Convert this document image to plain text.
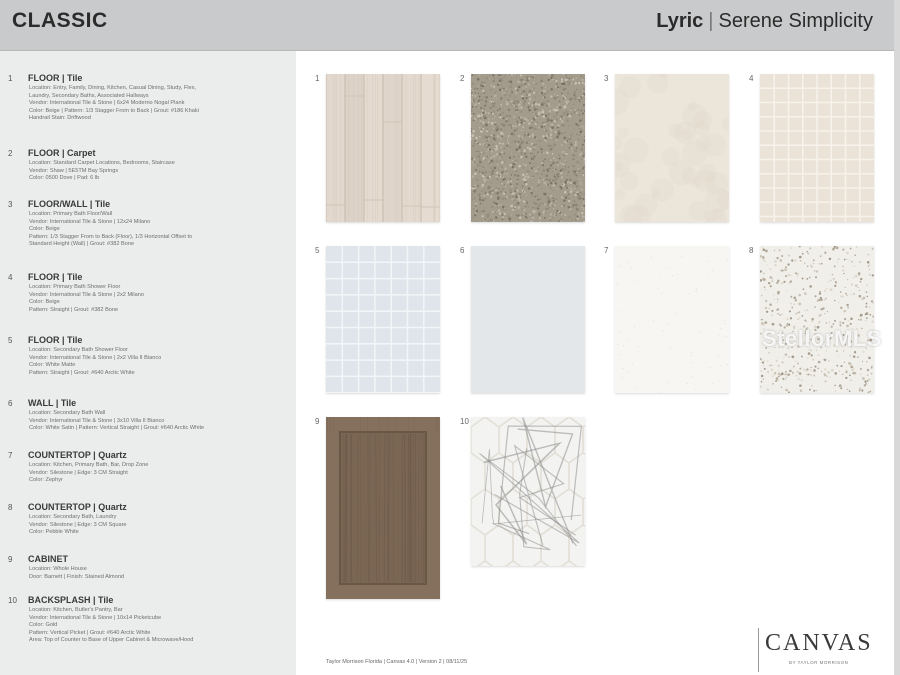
CLASSIC	Lyric | Serene Simplicity
1	FLOOR | Tile
Location: Entry, Family, Dining, Kitchen, Casual Dining, Study, Flex,
Laundry, Secondary Baths, Associated Hallways
Vendor: International Tile & Stone | 6x24 Moderno Nogal Plank
Color: Beige | Pattern: 1/3 Stagger From to Back | Grout: #186 Khaki
Handrail Stain: Driftwood
2	FLOOR | Carpet
Location: Standard Carpet Locations, Bedrooms, Staircase
Vendor: Shaw | 5E5TM Bay Springs
Color: 0500 Dove | Pad: 6 lb
3	FLOOR/WALL | Tile
Location: Primary Bath Floor/Wall
Vendor: International Tile & Stone | 12x24 Milano
Color: Beige
Pattern: 1/3 Stagger From to Back (Floor), 1/3 Horizontal Offset to
Standard Height (Wall) | Grout: #382 Bone
4	FLOOR | Tile
Location: Primary Bath Shower Floor
Vendor: International Tile & Stone | 2x2 Milano
Color: Beige
Pattern: Straight | Grout: #382 Bone
5	FLOOR | Tile
Location: Secondary Bath Shower Floor
Vendor: International Tile & Stone | 2x2 Villa II Bianco
Color: White Matte
Pattern: Straight | Grout: #640 Arctic White
6	WALL | Tile
Location: Secondary Bath Wall
Vendor: International Tile & Stone | 3x10 Villa II Bianco
Color: White Satin | Pattern: Vertical Straight | Grout: #640 Arctic White
7	COUNTERTOP | Quartz
Location: Kitchen, Primary Bath, Bar, Drop Zone
Vendor: Silestone | Edge: 3 CM Straight
Color: Zephyr
8	COUNTERTOP | Quartz
Location: Secondary Bath, Laundry
Vendor: Silestone | Edge: 3 CM Square
Color: Pebble White
9	CABINET
Location: Whole House
Door: Barnett | Finish: Stained Almond
10	BACKSPLASH | Tile
Location: Kitchen, Butler's Pantry, Bar
Vendor: International Tile & Stone | 10x14 Picketcube
Color: Gold
Pattern: Vertical Picket | Grout: #640 Arctic White
Area: Top of Counter to Base of Upper Cabinet & Microwave/Hood
1	2	3	4
5	6	7	8
9	10
Taylor Morrison Florida | Canvas 4.0 | Version 2 | 08/11/25
CANVAS
BY TAYLOR MORRISON
StellorMLS
